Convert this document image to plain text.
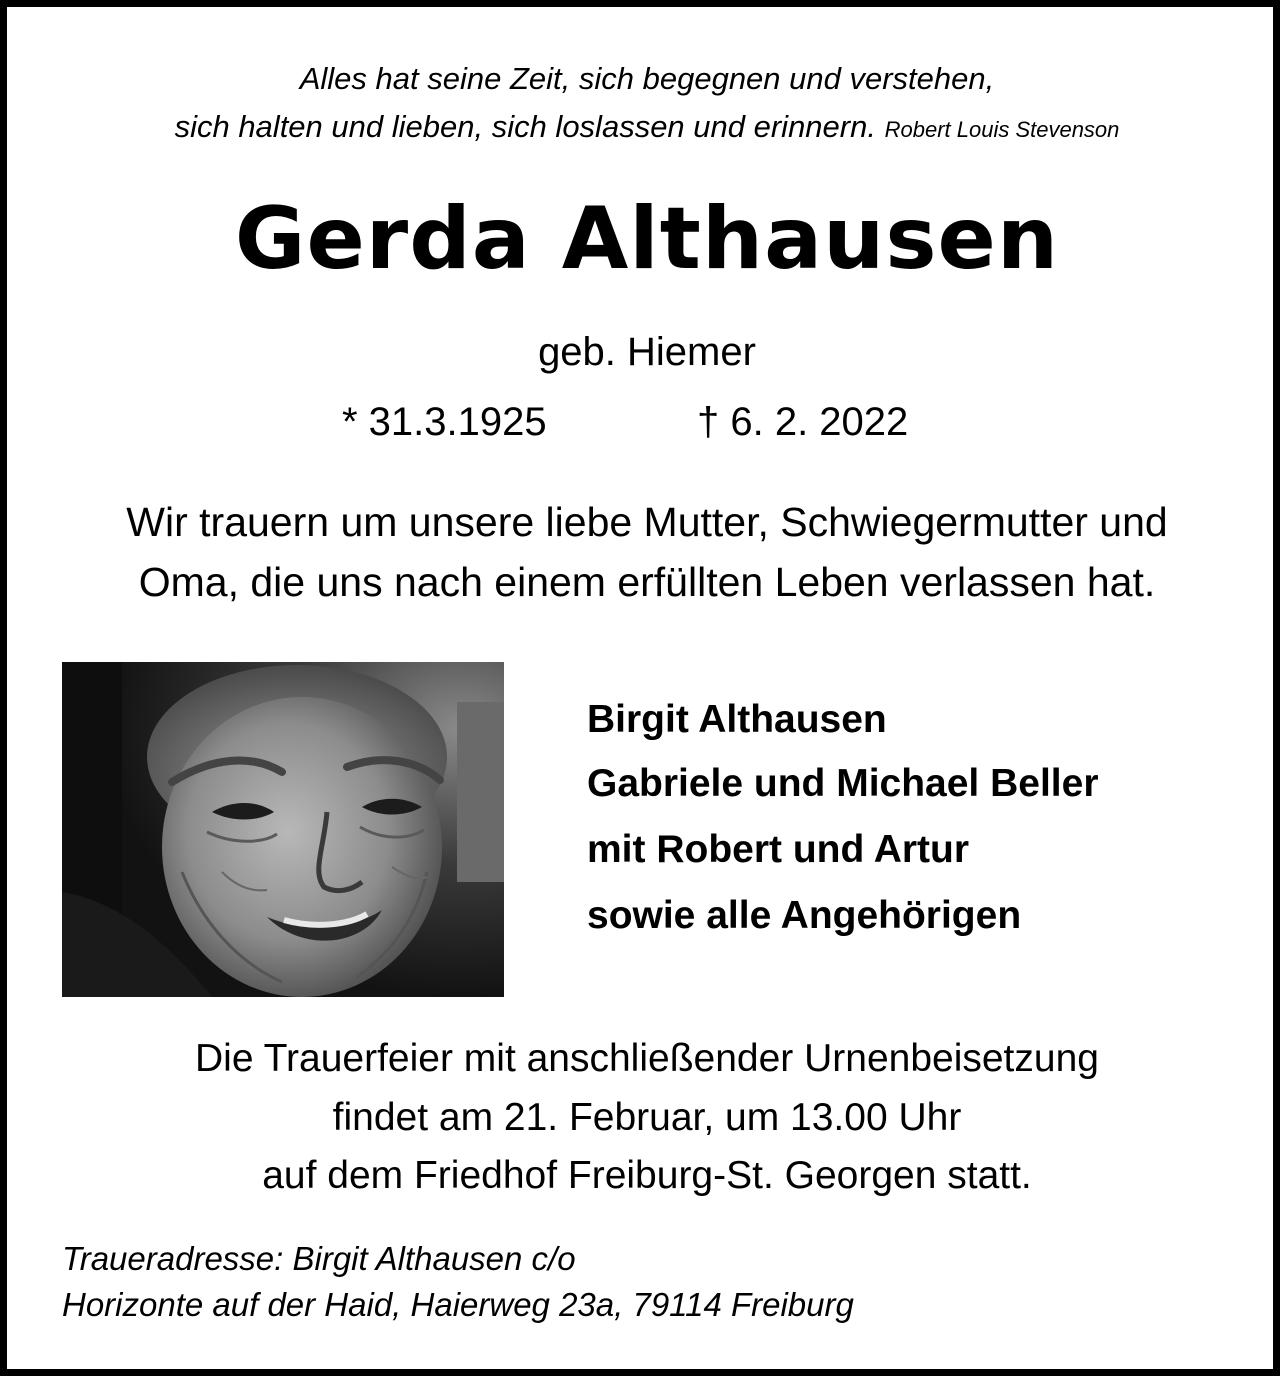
Alles hat seine Zeit, sich begegnen und verstehen,

sich halten und lieben, sich loslassen und erinnern. Robert Louis Stevenson

Gerda Althausen

geb. Hiemer

* 31.3.1925	† 6. 2. 2022

Wir trauern um unsere liebe Mutter, Schwiegermutter und

Oma, die uns nach einem erfüllten Leben verlassen hat.

Birgit Althausen

Gabriele und Michael Beller

mit Robert und Artur

sowie alle Angehörigen

Die Trauerfeier mit anschließender Urnenbeisetzung

findet am 21. Februar, um 13.00 Uhr

auf dem Friedhof Freiburg-St. Georgen statt.

Traueradresse: Birgit Althausen c/o

Horizonte auf der Haid, Haierweg 23a, 79114 Freiburg
